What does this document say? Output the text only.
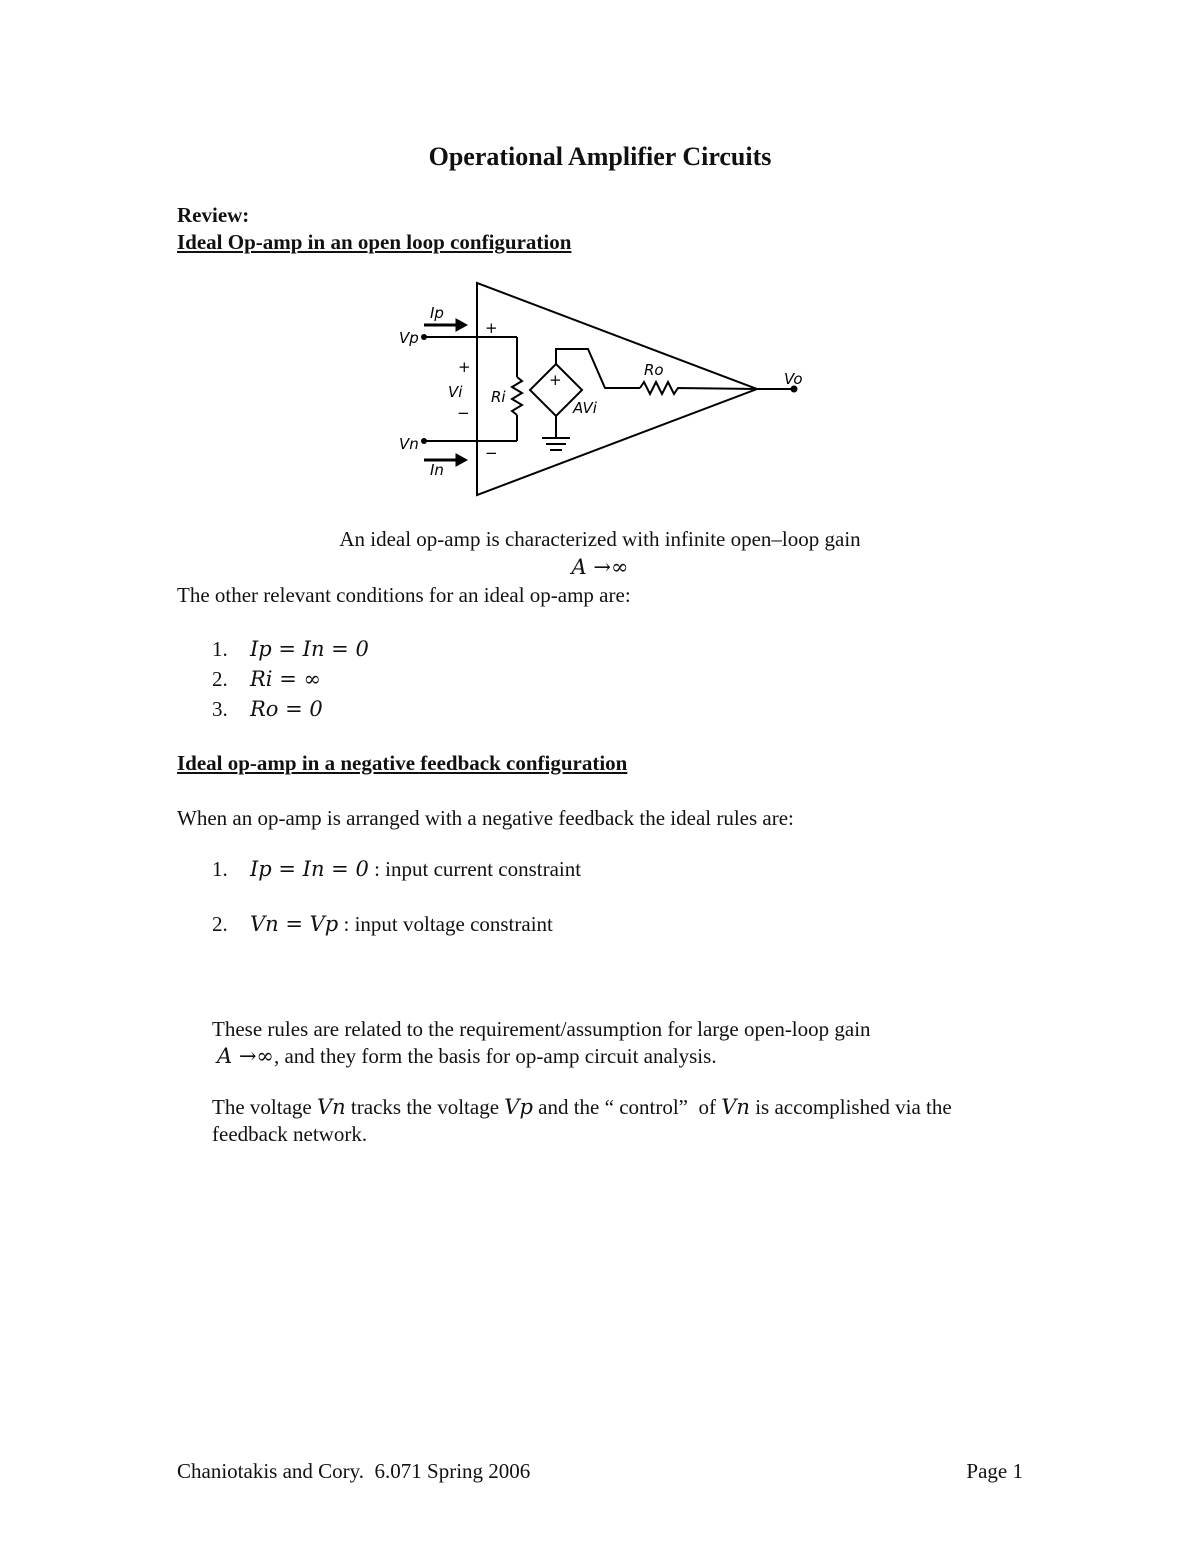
Operational Amplifier Circuits
Review:
Ideal Op-amp in an open loop configuration
Ip
Vp
Vn
In
Vi Ri
Ro
AVi
Vo
+
−
+
−
+
An ideal op-amp is characterized with infinite open–loop gain
A →∞
The other relevant conditions for an ideal op-amp are:
1.	Ip = In = 0
2.	Ri = ∞
3.	Ro = 0
Ideal op-amp in a negative feedback configuration
When an op-amp is arranged with a negative feedback the ideal rules are:
1.	Ip = In = 0 : input current constraint
2.	Vn = Vp : input voltage constraint
These rules are related to the requirement/assumption for large open-loop gain
A →∞, and they form the basis for op-amp circuit analysis.
The voltage Vn tracks the voltage Vp and the “ control”  of Vn is accomplished via the
feedback network.
Chaniotakis and Cory.  6.071 Spring 2006	Page 1
